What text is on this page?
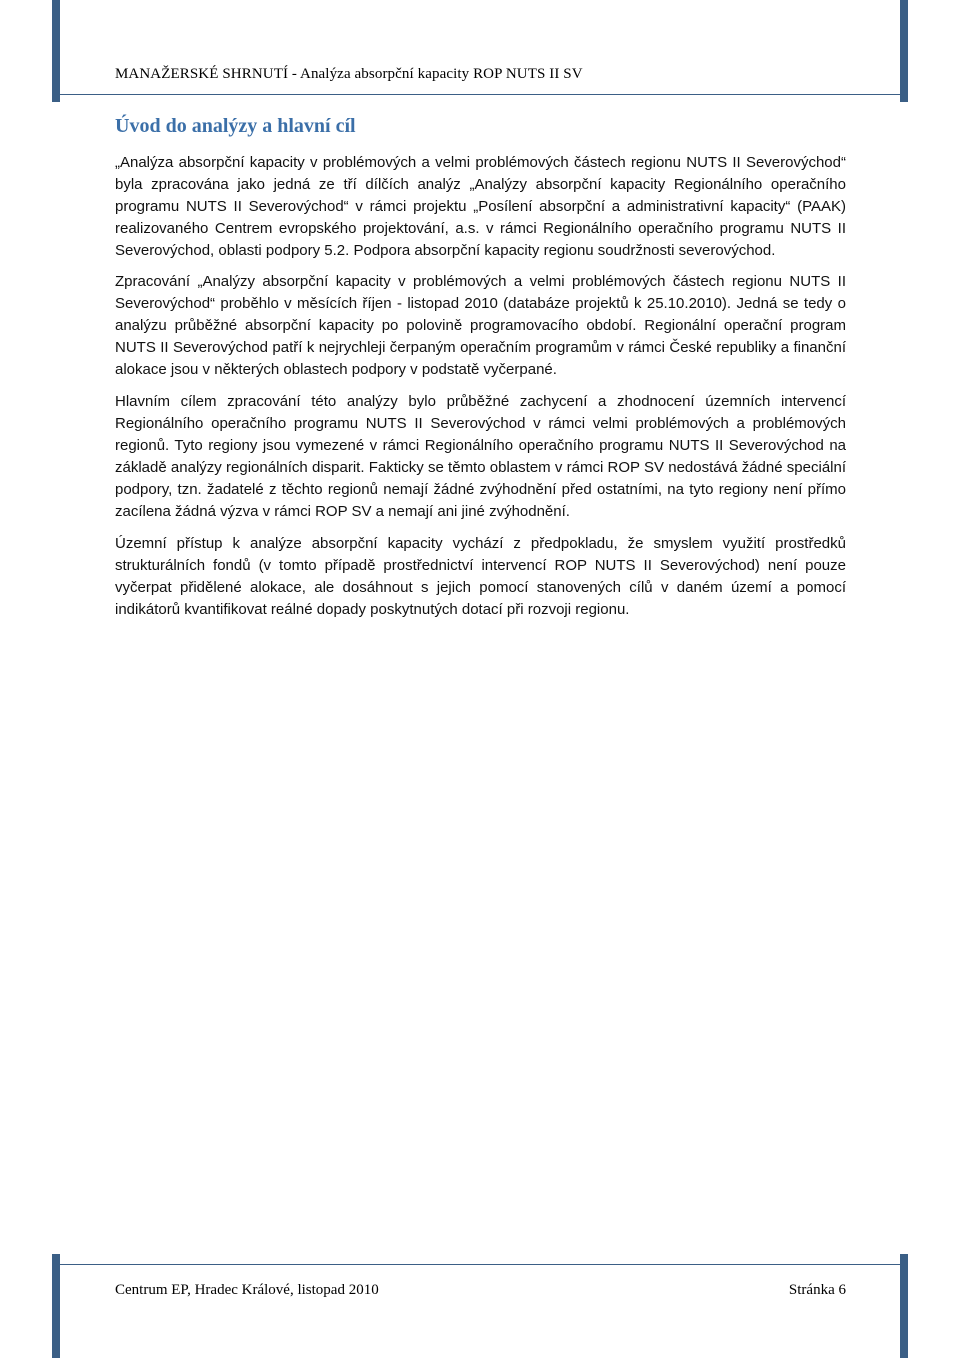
MANAŽERSKÉ SHRNUTÍ - Analýza absorpční kapacity ROP NUTS II SV
Úvod do analýzy a hlavní cíl

„Analýza absorpční kapacity v problémových a velmi problémových částech regionu NUTS II Severovýchod“ byla zpracována jako jedná ze tří dílčích analýz „Analýzy absorpční kapacity Regionálního operačního programu NUTS II Severovýchod“ v rámci projektu „Posílení absorpční a administrativní kapacity“ (PAAK) realizovaného Centrem evropského projektování, a.s. v rámci Regionálního operačního programu NUTS II Severovýchod, oblasti podpory 5.2. Podpora absorpční kapacity regionu soudržnosti severovýchod.

Zpracování „Analýzy absorpční kapacity v problémových a velmi problémových částech regionu NUTS II Severovýchod“ proběhlo v měsících říjen - listopad 2010 (databáze projektů k 25.10.2010). Jedná se tedy o analýzu průběžné absorpční kapacity po polovině programovacího období. Regionální operační program NUTS II Severovýchod patří k nejrychleji čerpaným operačním programům v rámci České republiky a finanční alokace jsou v některých oblastech podpory v podstatě vyčerpané.

Hlavním cílem zpracování této analýzy bylo průběžné zachycení a zhodnocení územních intervencí Regionálního operačního programu NUTS II Severovýchod v rámci velmi problémových a problémových regionů. Tyto regiony jsou vymezené v rámci Regionálního operačního programu NUTS II Severovýchod na základě analýzy regionálních disparit. Fakticky se těmto oblastem v rámci ROP SV nedostává žádné speciální podpory, tzn. žadatelé z těchto regionů nemají žádné zvýhodnění před ostatními, na tyto regiony není přímo zacílena žádná výzva v rámci ROP SV a nemají ani jiné zvýhodnění.

Územní přístup k analýze absorpční kapacity vychází z předpokladu, že smyslem využití prostředků strukturálních fondů (v tomto případě prostřednictví intervencí ROP NUTS II Severovýchod) není pouze vyčerpat přidělené alokace, ale dosáhnout s jejich pomocí stanovených cílů v daném území a pomocí indikátorů kvantifikovat reálné dopady poskytnutých dotací při rozvoji regionu.

Centrum EP, Hradec Králové, listopad 2010	Stránka 6
